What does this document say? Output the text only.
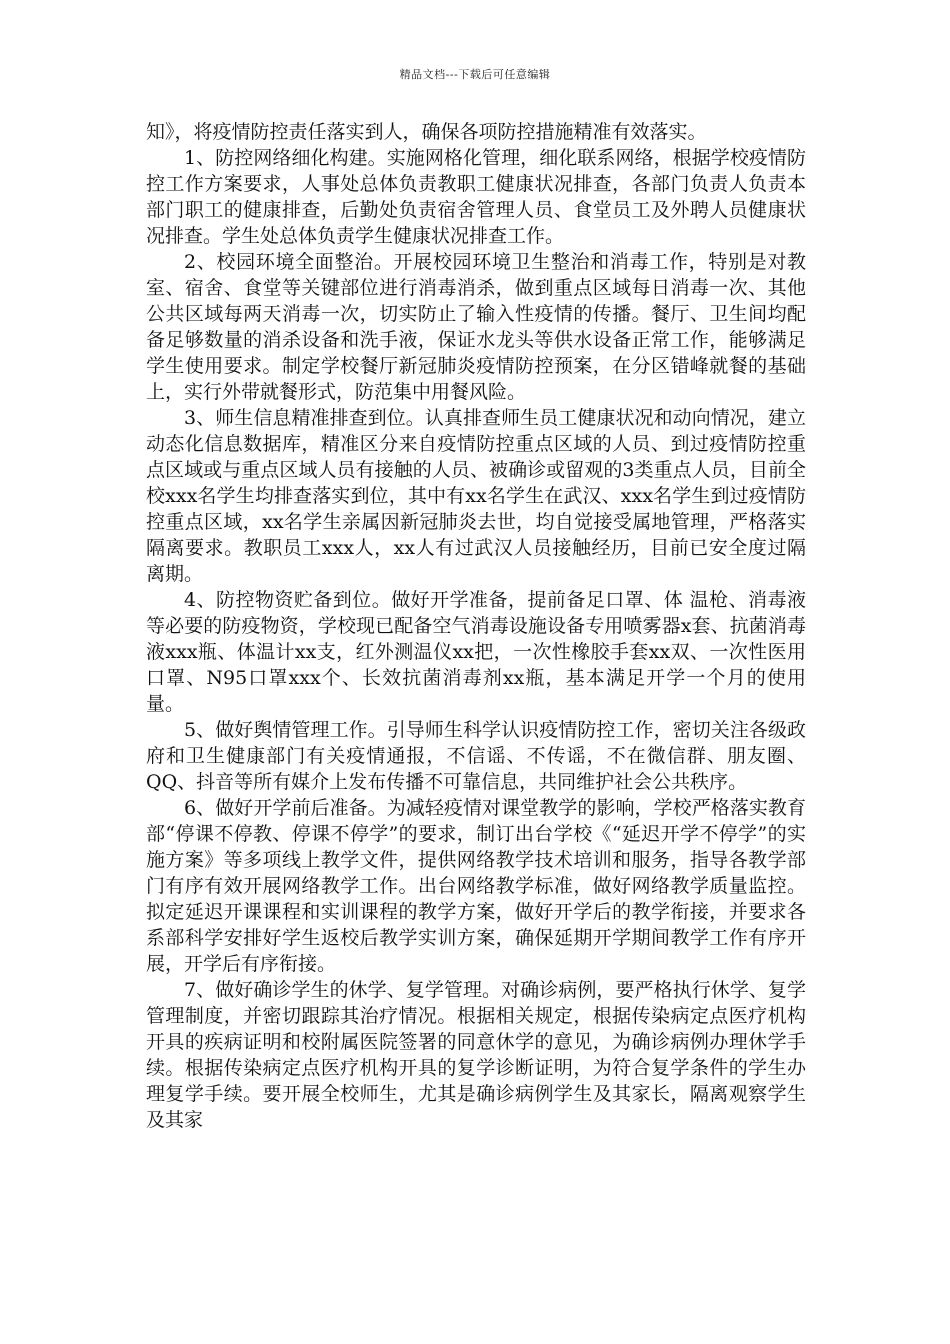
精品文档---下载后可任意编辑

知》，将疫情防控责任落实到人，确保各项防控措施精准有效落实。

1、防控网络细化构建。实施网格化管理，细化联系网络，根据学校疫情防控工作方案要求，人事处总体负责教职工健康状况排查，各部门负责人负责本部门职工的健康排查，后勤处负责宿舍管理人员、食堂员工及外聘人员健康状况排查。学生处总体负责学生健康状况排查工作。

2、校园环境全面整治。开展校园环境卫生整治和消毒工作，特别是对教室、宿舍、食堂等关键部位进行消毒消杀，做到重点区域每日消毒一次、其他公共区域每两天消毒一次，切实防止了输入性疫情的传播。餐厅、卫生间均配备足够数量的消杀设备和洗手液，保证水龙头等供水设备正常工作，能够满足学生使用要求。制定学校餐厅新冠肺炎疫情防控预案，在分区错峰就餐的基础上，实行外带就餐形式，防范集中用餐风险。

3、师生信息精准排查到位。认真排查师生员工健康状况和动向情况，建立动态化信息数据库，精准区分来自疫情防控重点区域的人员、到过疫情防控重点区域或与重点区域人员有接触的人员、被确诊或留观的3类重点人员，目前全校xxx名学生均排查落实到位，其中有xx名学生在武汉、xxx名学生到过疫情防控重点区域，xx名学生亲属因新冠肺炎去世，均自觉接受属地管理，严格落实隔离要求。教职员工xxx人，xx人有过武汉人员接触经历，目前已安全度过隔离期。

4、防控物资贮备到位。做好开学准备，提前备足口罩、体 温枪、消毒液等必要的防疫物资，学校现已配备空气消毒设施设备专用喷雾器x套、抗菌消毒液xxx瓶、体温计xx支，红外测温仪xx把，一次性橡胶手套xx双、一次性医用口罩、N95口罩xxx个、长效抗菌消毒剂xx瓶，基本满足开学一个月的使用量。

5、做好舆情管理工作。引导师生科学认识疫情防控工作，密切关注各级政府和卫生健康部门有关疫情通报，不信谣、不传谣，不在微信群、朋友圈、QQ、抖音等所有媒介上发布传播不可靠信息，共同维护社会公共秩序。

6、做好开学前后准备。为减轻疫情对课堂教学的影响，学校严格落实教育部“停课不停教、停课不停学”的要求，制订出台学校《“延迟开学不停学”的实施方案》等多项线上教学文件，提供网络教学技术培训和服务，指导各教学部门有序有效开展网络教学工作。出台网络教学标准，做好网络教学质量监控。拟定延迟开课课程和实训课程的教学方案，做好开学后的教学衔接，并要求各系部科学安排好学生返校后教学实训方案，确保延期开学期间教学工作有序开展，开学后有序衔接。

7、做好确诊学生的休学、复学管理。对确诊病例，要严格执行休学、复学管理制度，并密切跟踪其治疗情况。根据相关规定，根据传染病定点医疗机构开具的疾病证明和校附属医院签署的同意休学的意见，为确诊病例办理休学手续。根据传染病定点医疗机构开具的复学诊断证明，为符合复学条件的学生办理复学手续。要开展全校师生，尤其是确诊病例学生及其家长，隔离观察学生及其家
